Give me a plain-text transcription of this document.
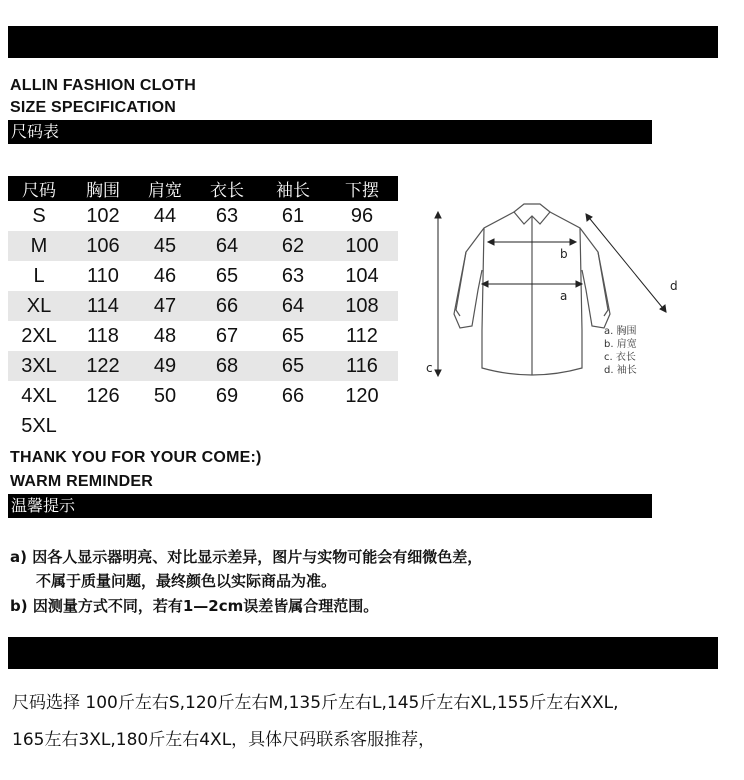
ALLIN FASHION CLOTH
SIZE SPECIFICATION
尺码表
尺码	胸围	肩宽	衣长	袖长	下摆
S	102	44	63	61	96
M	106	45	64	62	100
L	110	46	65	63	104
XL	114	47	66	64	108
2XL	118	48	67	65	112
3XL	122	49	68	65	116
4XL	126	50	69	66	120
5XL					
b
a
c
d
a. 胸围
b. 肩宽
c. 衣长
d. 袖长
THANK YOU FOR YOUR COME:)
WARM REMINDER
温馨提示
a) 因各人显示器明亮、对比显示差异，图片与实物可能会有细微色差，
不属于质量问题，最终颜色以实际商品为准。
b) 因测量方式不同，若有1—2cm误差皆属合理范围。
尺码选择 100斤左右S,120斤左右M,135斤左右L,145斤左右XL,155斤左右XXL,
165左右3XL,180斤左右4XL，具体尺码联系客服推荐，
